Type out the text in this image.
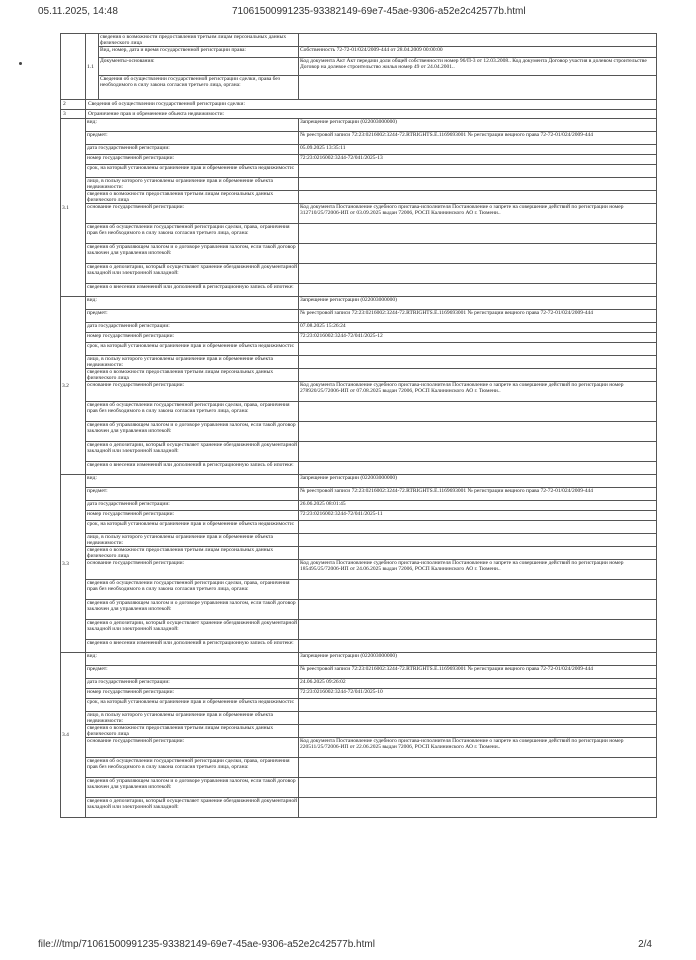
05.11.2025, 14:48	7106150099123​5-93382149-69e7-45ae-9306-a52e2c42577b.html
	1.1	сведения о возможности предоставления третьим лицам персональных данных физического лица	
		Вид, номер, дата и время государственной регистрации права:	Собственность 72-72-01/024/2009-444 от 28.04.2009 00:00:00
		Документы-основания:	Код документа Акт Акт передачи доли общей собственности номер 96/П-3 от 12.03.2008.. Код документа Договор участия в долевом строительстве Договор на долевое строительство жилья номер 49 от 24.04.2001..
		Сведения об осуществлении государственной регистрации сделки, права без необходимого в силу закона согласия третьего лица, органа:	
2	Сведения об осуществлении государственной регистрации сделки:		
3	Ограничение прав и обременение объекта недвижимости:		
3.1	вид:		Запрещение регистрации (022003000000)
	предмет:		№ реестровой записи 72:23:0216002:3244-72.RTRIGHTS.E.1169693001 № регистрации вещного права 72-72-01/024/2009-444
	дата государственной регистрации:		05.09.2025 13:35:11
	номер государственной регистрации:		72:23:0216002:3244-72/041/2025-13
	срок, на который установлены ограничение прав и обременение объекта недвижимости:		
	лицо, в пользу которого установлены ограничение прав и обременение объекта недвижимости:		
	сведения о возможности предоставления третьим лицам персональных данных физического лица		
	основание государственной регистрации:		Код документа Постановление судебного пристава-исполнителя Постановление о запрете на совершение действий по регистрации номер 312710/25/72006-ИП от 03.09.2025 выдан 72006, РОСП Калининского АО г. Тюмени..
	сведения об осуществлении государственной регистрации сделки, права, ограничения прав без необходимого в силу закона согласия третьего лица, органа:		
	сведения об управляющем залогом и о договоре управления залогом, если такой договор заключен для управления ипотекой:		
	сведения о депозитарии, который осуществляет хранение обездвиженной документарной закладной или электронной закладной:		
	сведения о внесении изменений или дополнений в регистрационную запись об ипотеке:		
3.2	вид:		Запрещение регистрации (022003000000)
	предмет:		№ реестровой записи 72:23:0216002:3244-72.RTRIGHTS.E.1169693001 № регистрации вещного права 72-72-01/024/2009-444
	дата государственной регистрации:		07.08.2025 15:26:24
	номер государственной регистрации:		72:23:0216002:3244-72/041/2025-12
	срок, на который установлены ограничение прав и обременение объекта недвижимости:		
	лицо, в пользу которого установлены ограничение прав и обременение объекта недвижимости:		
	сведения о возможности предоставления третьим лицам персональных данных физического лица		
	основание государственной регистрации:		Код документа Постановление судебного пристава-исполнителя Постановление о запрете на совершение действий по регистрации номер 278920/25/72006-ИП от 07.08.2025 выдан 72006, РОСП Калининского АО г. Тюмени..
	сведения об осуществлении государственной регистрации сделки, права, ограничения прав без необходимого в силу закона согласия третьего лица, органа:		
	сведения об управляющем залогом и о договоре управления залогом, если такой договор заключен для управления ипотекой:		
	сведения о депозитарии, который осуществляет хранение обездвиженной документарной закладной или электронной закладной:		
	сведения о внесении изменений или дополнений в регистрационную запись об ипотеке:		
3.3	вид:		Запрещение регистрации (022003000000)
	предмет:		№ реестровой записи 72:23:0216002:3244-72.RTRIGHTS.E.1169693001 № регистрации вещного права 72-72-01/024/2009-444
	дата государственной регистрации:		26.06.2025 08:01:45
	номер государственной регистрации:		72:23:0216002:3244-72/041/2025-11
	срок, на который установлены ограничение прав и обременение объекта недвижимости:		
	лицо, в пользу которого установлены ограничение прав и обременение объекта недвижимости:		
	сведения о возможности предоставления третьим лицам персональных данных физического лица		
	основание государственной регистрации:		Код документа Постановление судебного пристава-исполнителя Постановление о запрете на совершение действий по регистрации номер 185495/25/72006-ИП от 24.06.2025 выдан 72006, РОСП Калининского АО г. Тюмени..
	сведения об осуществлении государственной регистрации сделки, права, ограничения прав без необходимого в силу закона согласия третьего лица, органа:		
	сведения об управляющем залогом и о договоре управления залогом, если такой договор заключен для управления ипотекой:		
	сведения о депозитарии, который осуществляет хранение обездвиженной документарной закладной или электронной закладной:		
	сведения о внесении изменений или дополнений в регистрационную запись об ипотеке:		
3.4	вид:		Запрещение регистрации (022003000000)
	предмет:		№ реестровой записи 72:23:0216002:3244-72.RTRIGHTS.E.1169693001 № регистрации вещного права 72-72-01/024/2009-444
	дата государственной регистрации:		24.06.2025 09:26:02
	номер государственной регистрации:		72:23:0216002:3244-72/041/2025-10
	срок, на который установлены ограничение прав и обременение объекта недвижимости:		
	лицо, в пользу которого установлены ограничение прав и обременение объекта недвижимости:		
	сведения о возможности предоставления третьим лицам персональных данных физического лица		
	основание государственной регистрации:		Код документа Постановление судебного пристава-исполнителя Постановление о запрете на совершение действий по регистрации номер 220511/25/72006-ИП от 22.06.2025 выдан 72006, РОСП Калининского АО г. Тюмени..
	сведения об осуществлении государственной регистрации сделки, права, ограничения прав без необходимого в силу закона согласия третьего лица, органа:		
	сведения об управляющем залогом и о договоре управления залогом, если такой договор заключен для управления ипотекой:		
	сведения о депозитарии, который осуществляет хранение обездвиженной документарной закладной или электронной закладной:		
file:///tmp/71061500991235-93382149-69e7-45ae-9306-a52e2c42577b.html	2/4
